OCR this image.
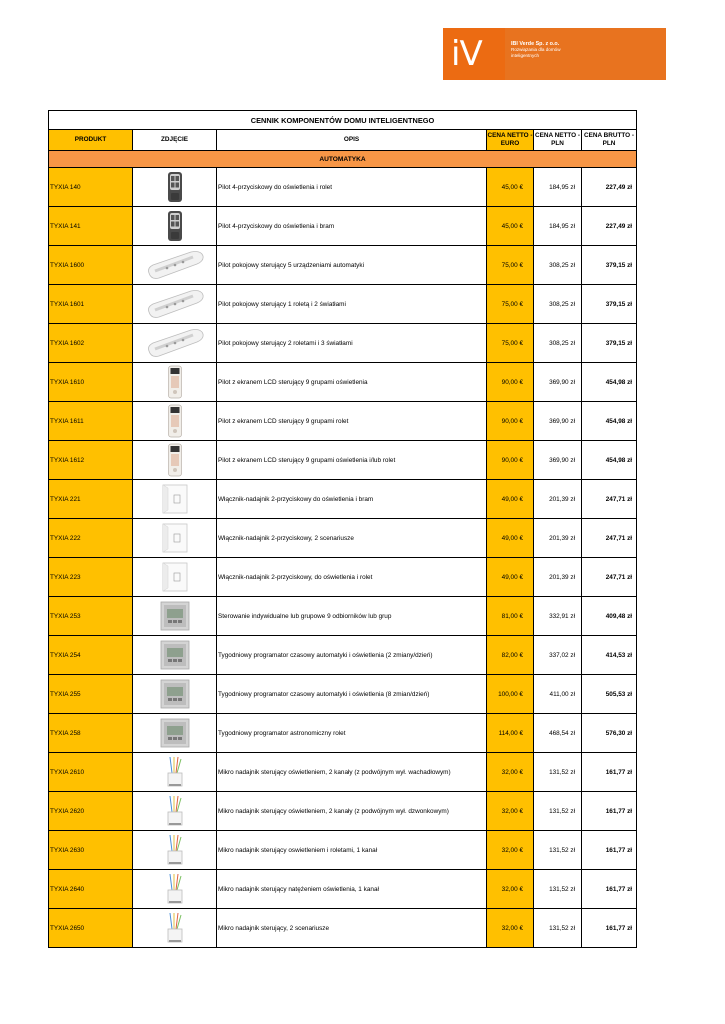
iV	IBI Verde Sp. z o.o.
Rozwiązania dla domów
inteligentnych
CENNIK KOMPONENTÓW DOMU INTELIGENTNEGO					
PRODUKT	ZDJĘCIE	OPIS	CENA NETTO - EURO	CENA NETTO - PLN	CENA BRUTTO - PLN
AUTOMATYKA					
TYXIA 140		Pilot 4-przyciskowy do oświetlenia i rolet	45,00 €	184,95 zł	227,49 zł
TYXIA 141		Pilot 4-przyciskowy do oświetlenia i bram	45,00 €	184,95 zł	227,49 zł
TYXIA 1600		Pilot pokojowy sterujący 5 urządzeniami automatyki	75,00 €	308,25 zł	379,15 zł
TYXIA 1601		Pilot pokojowy sterujący 1 roletą i 2 światłami	75,00 €	308,25 zł	379,15 zł
TYXIA 1602		Pilot pokojowy sterujący 2 roletami i 3 światłami	75,00 €	308,25 zł	379,15 zł
TYXIA 1610		Pilot z ekranem LCD sterujący 9 grupami oświetlenia	90,00 €	369,90 zł	454,98 zł
TYXIA 1611		Pilot z ekranem LCD sterujący 9 grupami rolet	90,00 €	369,90 zł	454,98 zł
TYXIA 1612		Pilot z ekranem LCD sterujący 9 grupami oświetlenia i/lub rolet	90,00 €	369,90 zł	454,98 zł
TYXIA 221		Włącznik-nadajnik 2-przyciskowy do oświetlenia i bram	49,00 €	201,39 zł	247,71 zł
TYXIA 222		Włącznik-nadajnik 2-przyciskowy, 2 scenariusze	49,00 €	201,39 zł	247,71 zł
TYXIA 223		Włącznik-nadajnik 2-przyciskowy, do oświetlenia i rolet	49,00 €	201,39 zł	247,71 zł
TYXIA 253		Sterowanie indywidualne lub grupowe 9 odbiorników lub grup	81,00 €	332,91 zł	409,48 zł
TYXIA 254		Tygodniowy programator czasowy automatyki i oświetlenia (2 zmiany/dzień)	82,00 €	337,02 zł	414,53 zł
TYXIA 255		Tygodniowy programator czasowy automatyki i oświetlenia (8 zmian/dzień)	100,00 €	411,00 zł	505,53 zł
TYXIA 258		Tygodniowy programator astronomiczny rolet	114,00 €	468,54 zł	576,30 zł
TYXIA 2610		Mikro nadajnik sterujący oświetleniem, 2 kanały (z podwójnym wył. wachadłowym)	32,00 €	131,52 zł	161,77 zł
TYXIA 2620		Mikro nadajnik sterujący oświetleniem, 2 kanały (z podwójnym wył. dzwonkowym)	32,00 €	131,52 zł	161,77 zł
TYXIA 2630		Mikro nadajnik sterujący oswietleniem i roletami, 1 kanał	32,00 €	131,52 zł	161,77 zł
TYXIA 2640		Mikro nadajnik sterujący natężeniem oświetlenia, 1 kanał	32,00 €	131,52 zł	161,77 zł
TYXIA 2650		Mikro nadajnik sterujący, 2 scenariusze	32,00 €	131,52 zł	161,77 zł
